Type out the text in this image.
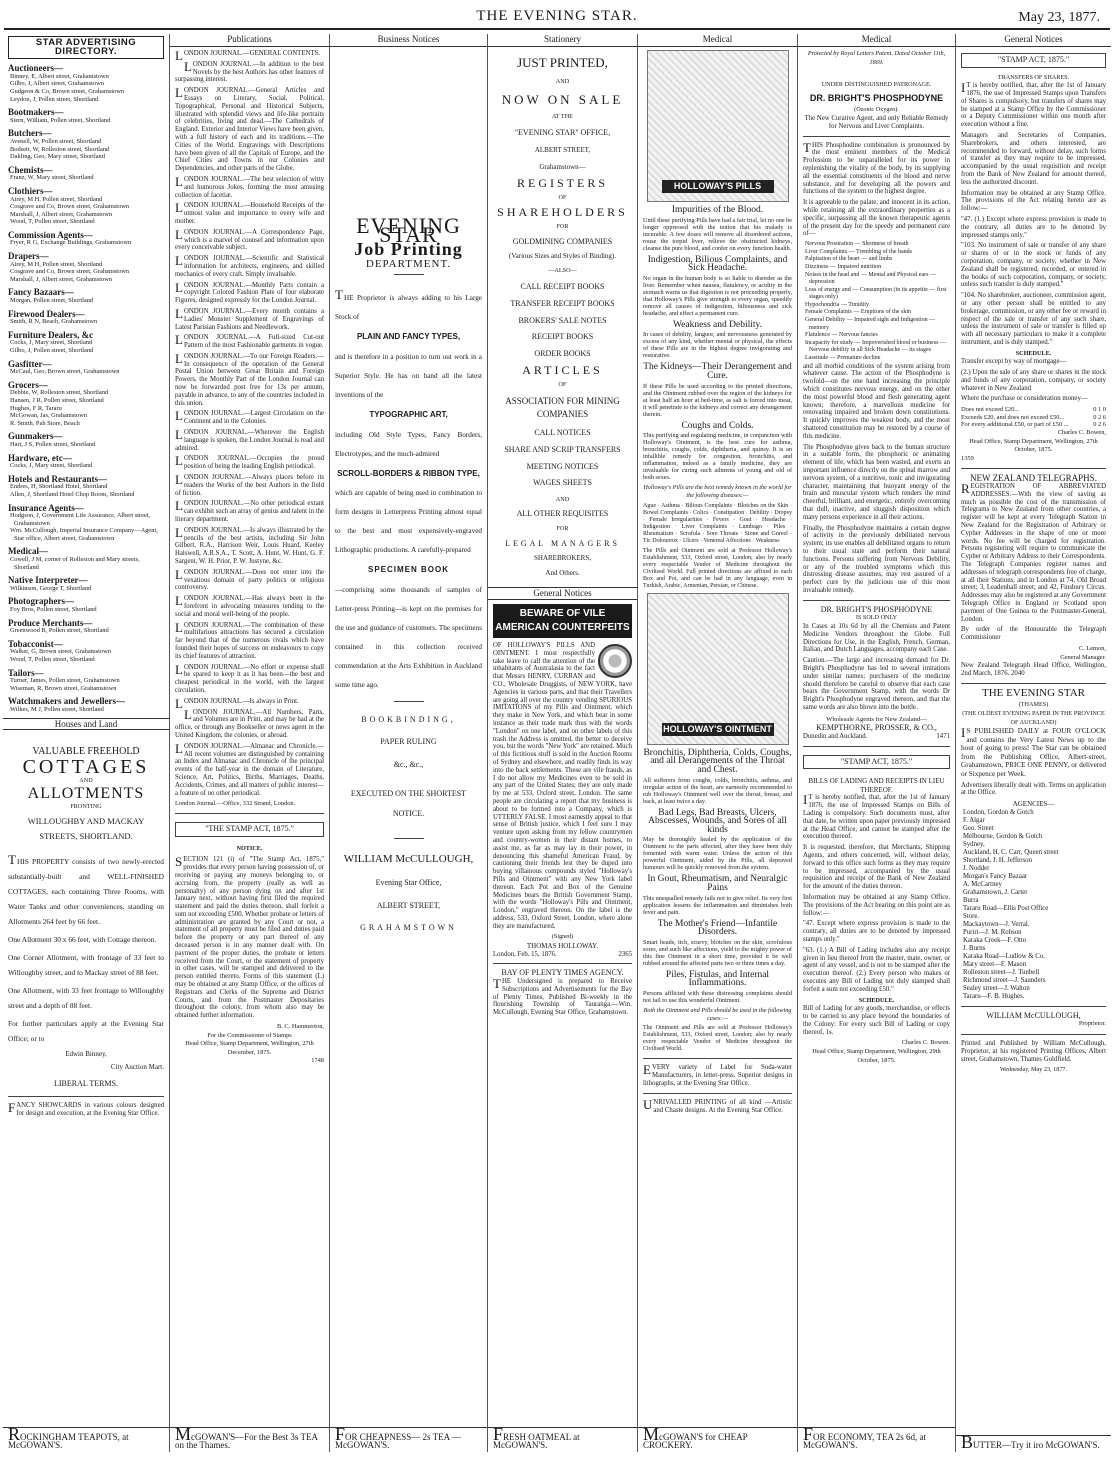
THE EVENING STAR.	May 23, 1877.
STAR ADVERTISING DIRECTORY.
Auctioneers—
Binney, E, Albert street, Grahamstown
Gilbo, J, Albert street, Grahamstown
Gudgeon & Co, Brown street, Grahamstown
Leydon, J, Pollen street, Shortland
Bootmakers—
Stern, William, Pollen street, Shortland
Butchers—
Avenell, W, Pollen street, Shortland
Bodsett, W, Rolleston street, Shortland
Dakling, Geo, Mary street, Shortland
Chemists—
Franz, W, Mary street, Shortland
Clothiers—
Airey, M H, Pollen street, Shortland
Cosgrave and Co, Brown street, Grahamstown
Marshall, J, Albert street, Grahamstown
Wood, T, Pollen street, Shortland
Commission Agents—
Fryer, R G, Exchange Buildings, Grahamstown
Drapers—
Airey, M H, Pollen street, Shortland
Cosgrave and Co, Brown street, Grahamstown
Marshall, J, Albert street, Grahamstown
Fancy Bazaars—
Morgan, Pollen street, Shortland
Firewood Dealers—
Smith, R N, Beach, Grahamstown
Furniture Dealers, &c
Cocks, J, Mary street, Shortland
Gilbo, J, Pollen street, Shortland
Gasfitter—
McCaul, Geo, Brown street, Grahamstown
Grocers—
Debbie, W, Rolleston street, Shortland
Hansen, J R, Pollen street, Shortland
Hughes, F R, Tararu
McGowan, Jas, Grahamstown
R. Smith, Pah Store, Beach
Gunmakers—
Hart, J S, Pollen street, Shortland
Hardware, etc—
Cocks, J, Mary street, Shortland
Hotels and Restaurants—
Endres, H, Shortland Hotel, Shortland
Allen, J, Shortland Hotel Chop Room, Shortland
Insurance Agents—
Hodgson, J, Government Life Assurance, Albert street, Grahamstown
Wm. McCullough, Imperial Insurance Company—Agent, Star office, Albert street, Grahamstown
Medical—
Cowell, J M, corner of Rolleston and Mary streets, Shortland
Native Interpreter—
Wilkinson, George T, Shortland
Photographers—
Foy Bros, Pollen street, Shortland
Produce Merchants—
Greenwood B, Pollen street, Shortland
Tobacconist—
Walker, G, Brown street, Grahamstown
Wood, T, Pollen street, Shortland
Tailors—
Turner, James, Pollen street, Grahamstown
Wiseman, R, Brown street, Grahamstown
Watchmakers and Jewellers—
Wilkes, M J, Pollen street, Shortland
Houses and Land
VALUABLE FREEHOLD
COTTAGES
AND
ALLOTMENTS
FRONTING
WILLOUGHBY AND MACKAY
STREETS, SHORTLAND.
THIS PROPERTY consists of two newly-erected substantially-built and WELL-FINISHED COTTAGES, each containing Three Rooms, with Water Tanks and other conveniences, standing on Allotments 264 feet by 66 feet.
One Allotment 30 x 66 feet, with Cottage thereon.
One Corner Allotment, with frontage of 33 feet to Willoughby street, and to Mackay street of 88 feet.
One Allotment, with 33 feet frontage to Willoughby street and a depth of 88 feet.
For further particulars apply at the Evening Star Office; or to
Edwin Binney,
City Auction Mart.
LIBERAL TERMS.
FANCY SHOWCARDS in various colours designed for design and execution, at the Evening Star Office.
ROCKINGHAM TEAPOTS, at McGOWAN'S.
Publications
LONDON JOURNAL.—GENERAL CONTENTS.
LONDON JOURNAL.—In addition to the best Novels by the best Authors has other features of surpassing interest.
LONDON JOURNAL.—General Articles and Essays on Literary, Social, Political, Topographical, Personal and Historical Subjects, illustrated with splendid views and life-like portraits of celebrities, living and dead.—The Cathedrals of England. Exterior and Interior Views have been given, with a full history of each and its traditions.—The Cities of the World. Engravings with Descriptions have been given of all the Capitals of Europe, and the Chief Cities and Towns in our Colonies and Dependencies, and other parts of the Globe.
LONDON JOURNAL.—The best selection of witty and humorous Jokes, forming the most amusing collection of facetiæ.
LONDON JOURNAL.—Household Receipts of the utmost value and importance to every wife and mother.
LONDON JOURNAL.—A Correspondence Page, which is a marvel of counsel and information upon every conceivable subject.
LONDON JOURNAL.—Scientific and Statistical information for architects, engineers, and skilled mechanics of every craft. Simply invaluable.
LONDON JOURNAL.—Monthly Parts contain a copyright Colored Fashion Plate of four elaborate Figures, designed expressly for the London Journal.
LONDON JOURNAL.—Every month contains a Ladies' Monster Supplement of Engravings of Latest Parisian Fashions and Needlework.
LONDON JOURNAL.—A Full-sized Cut-out Pattern of the most Fashionable garments in vogue.
LONDON JOURNAL.—To our Foreign Readers.—In consequence of the operation of the General Postal Union between Great Britain and Foreign Powers, the Monthly Part of the London Journal can now be forwarded post free for 13s per annum, payable in advance, to any of the countries included in this union.
LONDON JOURNAL.—Largest Circulation on the Continent and in the Colonies.
LONDON JOURNAL.—Wherever the English language is spoken, the London Journal is read and admired.
LONDON JOURNAL.—Occupies the proud position of being the leading English periodical.
LONDON JOURNAL.—Always places before its readers the Works of the best Authors in the field of fiction.
LONDON JOURNAL.—No other periodical extant can exhibit such an array of genius and talent in the literary department.
LONDON JOURNAL.—Is always illustrated by the pencils of the best artists, including Sir John Gilbert, R.A., Harrison Weir, Louis Huard, Keeley Halswell, A.R.S.A., T. Scott, A. Hunt, W. Hunt, G. F. Sargent, W. H. Prior, P. W. Justyne, &c.
LONDON JOURNAL.—Does not enter into the vexatious domain of party politics or religious controversy.
LONDON JOURNAL.—Has always been in the forefront in advocating measures tending to the social and moral well-being of the people.
LONDON JOURNAL.—The combination of these multifarious attractions has secured a circulation far beyond that of the numerous rivals which have founded their hopes of success on endeavours to copy its chief features of attraction.
LONDON JOURNAL.—No effort or expense shall be spared to keep it as it has been—the best and cheapest periodical in the world, with the largest circulation.
LONDON JOURNAL.—Is always in Print.
LONDON JOURNAL.—All Numbers, Parts, and Volumes are in Print, and may be had at the office, or through any Bookseller or news agent in the United Kingdom, the colonies, or abroad.
LONDON JOURNAL.—Almanac and Chronicle.—All recent volumes are distinguished by containing an Index and Almanac and Chronicle of the principal events of the half-year in the domain of Literature, Science, Art, Politics, Births, Marriages, Deaths, Accidents, Crimes, and all matters of public interest—a feature of no other periodical.
London Journal.—Office, 332 Strand, London.
"THE STAMP ACT, 1875."
NOTICE.
SECTION 121 (i) of "The Stamp Act, 1875," provides that every person having possession of, or receiving or paying any moneys belonging to, or accruing from, the property (really as well as personalty) of any person dying on and after 1st January next, without having first filed the required statement and paid the duties thereon, shall forfeit a sum not exceeding £500. Whether probate or letters of administration are granted by any Court or not, a statement of all property must be filed and duties paid before the property or any part thereof of any deceased person is in any manner dealt with. On payment of the proper duties, the probate or letters received from the Court, or the statement of property in other cases, will be stamped and delivered to the person entitled thereto. Forms of this statement (L) may be obtained at any Stamp Office, or the offices of Registrars and Clerks of the Supreme and District Courts, and from the Postmaster Depositaries throughout the colony, from whom also may be obtained further information.
B. C. Hammerton,
For the Commissioner of Stamps
Head Office, Stamp Department, Wellington, 27th December, 1875.
1748
McGOWAN'S—For the Best 3s TEA on the Thames.
Business Notices
EVENING STAR
Job Printing
DEPARTMENT.
THE Proprietor is always adding to his Large Stock of
PLAIN AND FANCY TYPES,
and is therefore in a position to turn out work in a Superior Style. He has on hand all the latest inventions of the
TYPOGRAPHIC ART,
including Old Style Types, Fancy Borders, Electrotypes, and the much-admired
SCROLL-BORDERS & RIBBON TYPE,
which are capable of being used in combination to form designs in Letterpress Printing almost equal to the best and most expensively-engraved Lithographic productions. A carefully-prepared
SPECIMEN BOOK
—comprising some thousands of samples of Letter-press Printing—is kept on the premises for the use and guidance of customers. The specimens contained in this collection received commendation at the Arts Exhibition in Auckland some time ago.
BOOKBINDING,
PAPER RULING
&c., &c.,
EXECUTED ON THE SHORTEST NOTICE.
WILLIAM McCULLOUGH,
Evening Star Office,
ALBERT STREET,
GRAHAMSTOWN
FOR CHEAPNESS— 2s TEA — McGOWAN'S.
Stationery
JUST PRINTED,
AND
NOW ON SALE
AT THE
"EVENING STAR" OFFICE,
ALBERT STREET,
Grahamstown—
REGISTERS
OF
SHAREHOLDERS
FOR
GOLDMINING COMPANIES
(Various Sizes and Styles of Binding).
—ALSO—
CALL RECEIPT BOOKS
TRANSFER RECEIPT BOOKS
BROKERS' SALE NOTES
RECEIPT BOOKS
ORDER BOOKS
ARTICLES
OF
ASSOCIATION FOR MINING COMPANIES
CALL NOTICES
SHARE AND SCRIP TRANSFERS
MEETING NOTICES
WAGES SHEETS
AND
ALL OTHER REQUISITES
FOR
LEGAL MANAGERS
SHAREBROKERS,
And Others.
General Notices
BEWARE OF VILE
AMERICAN COUNTERFEITS
OF HOLLOWAY'S PILLS AND OINTMENT. I most respectfully take leave to call the attention of the inhabitants of Australasia to the fact that Messrs HENRY, CURRAN and CO., Wholesale Druggists, of NEW YORK, have Agencies in various parts, and that their Travellers are going all over the country vending SPURIOUS IMITATIONS of my Pills and Ointment, which they make in New York, and which bear in some instance as their trade mark thus with the words "London" on one label, and on other labels of this trash the Address is omitted, the better to deceive you, but the words "New York" are retained. Much of this fictitious stuff is sold in the Auction Rooms of Sydney and elsewhere, and readily finds its way into the back settlements. These are vile frauds, as I do not allow my Medicines even to be sold in any part of the United States; they are only made by me at 533, Oxford street, London. The same people are circulating a report that my business is about to be formed into a Company, which is UTTERLY FALSE. I most earnestly appeal to that sense of British justice, which I feel sure I may venture upon asking from my fellow countrymen and country-women in their distant homes, to assist me, as far as may lay in their power, in denouncing this shameful American Fraud, by cautioning their friends lest they be duped into buying villainous compounds styled "Holloway's Pills and Ointment" with any New York label thereon. Each Pot and Box of the Genuine Medicines bears the British Government Stamp, with the words "Holloway's Pills and Ointment, London," engraved thereon. On the label is the address, 533, Oxford Street, London, where alone they are manufactured.
(Signed)
THOMAS HOLLOWAY.
London, Feb. 15, 1876.	2365
BAY OF PLENTY TIMES AGENCY.
THE Undersigned is prepared to Receive Subscriptions and Advertisements for the Bay of Plenty Times, Published Bi-weekly in the flourishing Township of Tauranga.—Wm. McCullough, Evening Star Office, Grahamstown.
FRESH OATMEAL at McGOWAN'S.
Medical
HOLLOWAY'S PILLS
Impurities of the Blood.
Until these purifying Pills have had a fair trial, let no one be longer oppressed with the notion that his malady is incurable. A few doses will remove all disordered actions, rouse the torpid liver, relieve the obstructed kidneys, cleanse the pure blood, and confer on every function health.
Indigestion, Bilious Complaints, and Sick Headache.
No organ in the human body is so liable to disorder as the liver. Remember when nausea, flatulency, or acidity in the stomach warns us that digestion is not proceeding properly, that Holloway's Pills give strength to every organ, speedily remove all causes of indigestion, biliousness and sick headache, and effect a permanent cure.
Weakness and Debility.
In cases of debility, languor, and nervousness generated by excess of any kind, whether mental or physical, the effects of these Pills are in the highest degree invigorating and restorative.
The Kidneys—Their Derangement and Cure.
If these Pills be used according to the printed directions, and the Ointment rubbed over the region of the kidneys for at least half an hour at bed-time, as salt is forced into meat, it will penetrate to the kidneys and correct any derangement therein.
Coughs and Colds.
This purifying and regulating medicine, in conjunction with Holloway's Ointment, is the best cure for asthma, bronchitis, coughs, colds, diphtheria, and quinsy. It is an infallible remedy for congestion, bronchitis, and inflammation, indeed as a family medicine, they are invaluable for curing such ailments of young and old of both sexes.
Holloway's Pills are the best remedy known in the world for the following diseases:—
Ague · Asthma · Bilious Complaints · Blotches on the Skin · Bowel Complaints · Colics · Constipation · Debility · Dropsy · Female Irregularities · Fevers · Gout · Headache · Indigestion · Liver Complaints · Lumbago · Piles · Rheumatism · Scrofula · Sore Throats · Stone and Gravel · Tic Doloureux · Ulcers · Venereal Affections · Weakness
The Pills and Ointment are sold at Professor Holloway's Establishment, 533, Oxford street, London; also by nearly every respectable Vendor of Medicine throughout the Civilised World. Full printed directions are affixed to each Box and Pot, and can be had in any language, even in Turkish, Arabic, Armenian, Persian, or Chinese.
HOLLOWAY'S OINTMENT
Bronchitis, Diphtheria, Colds, Coughs, and all Derangements of the Throat and Chest.
All sufferers from coughs, colds, bronchitis, asthma, and irregular action of the heart, are earnestly recommended to rub Holloway's Ointment well over the throat, breast, and back, at least twice a day.
Bad Legs, Bad Breasts, Ulcers, Abscesses, Wounds, and Sores of all kinds
May be thoroughly healed by the application of the Ointment to the parts affected, after they have been duly fomented with warm water. Unless the action of this powerful Ointment, aided by the Pills, all depraved humours will be quickly removed from the system.
In Gout, Rheumatism, and Neuralgic Pains
This unequalled remedy fails not to give relief. Its very first application lessens the inflammation and diminishes both fever and pain.
The Mother's Friend—Infantile Disorders.
Smart heads, itch, scurvy, blotches on the skin, scrofulous sores, and such like affections, yield to the mighty power of this fine Ointment in a short time, provided it be well rubbed around the affected parts two or three times a day.
Piles, Fistulas, and Internal Inflammations.
Persons afflicted with these distressing complaints should not fail to use this wonderful Ointment.
Both the Ointment and Pills should be used in the following cases:—
The Ointment and Pills are sold at Professor Holloway's Establishment, 533, Oxford street, London; also by nearly every respectable Vendor of Medicine throughout the Civilised World.
EVERY variety of Label for Soda-water Manufacturers, in letter-press. Superior designs in lithographs, at the Evening Star Office.
UNRIVALLED PRINTING of all kind —Artistic and Chaste designs. At the Evening Star Office.
McGOWAN'S for CHEAP CROCKERY.
Medical
Protected by Royal Letters Patent. Dated October 11th, 1869.
UNDER DISTINGUISHED PATRONAGE.
DR. BRIGHT'S PHOSPHODYNE
(Ozonic Oxygen).
The New Curative Agent, and only Reliable Remedy for Nervous and Liver Complaints.
THIS Phosphodine combination is pronounced by the most eminent members of the Medical Profession to be unparalleled for its power in replenishing the vitality of the body, by its supplying all the essential constituents of the blood and nerve substance, and for developing all the powers and functions of the system to the highest degree.
It is agreeable to the palate, and innocent in its action, while retaining all the extraordinary properties as a specific, surpassing all the known therapeutic agents of the present day for the speedy and permanent cure of—
Nervous Prostration — Shortness of breath
Liver Complaints — Trembling of the hands
Palpitation of the heart — and limbs
Dizziness — Impaired nutrition
Noises in the head and — Mental and Physical ears — depression
Loss of energy and — Consumption (in its appetite — first stages only)
Hypochondria — Timidity
Female Complaints — Eruptions of the skin
General Debility — Impaired sight and Indigestion — memory
Flatulence — Nervous fancies
Incapacity for study — Impoverished blood or business — Nervous debility in all Sick Headache — its stages
Lassitude — Premature decline
and all morbid conditions of the system arising from whatever cause. The action of the Phosphodyne is twofold—on the one hand increasing the principle which constitutes nervous energy, and on the other the most powerful blood and flesh generating agent known; therefore, a marvellous medicine for renovating impaired and broken down constitutions. It quickly improves the weakest body, and the most shattered constitution may be restored by a course of this medicine.
The Phosphodyne gives back to the human structure in a suitable form, the phosphoric or animating element of life, which has been wasted, and exerts an important influence directly on the spinal marrow and nervous system, of a nutritive, tonic and invigorating character, maintaining that buoyant energy of the brain and muscular system which renders the mind cheerful, brilliant, and energetic, entirely overcoming that dull, inactive, and sluggish disposition which many persons experience in all their actions.
Finally, the Phosphodyne maintains a certain degree of activity in the previously debilitated nervous system; its use enables all debilitated organs to return to their usual state and perform their natural functions. Persons suffering from Nervous Debility, or any of the troubled symptoms which this distressing disease assumes, may rest assured of a perfect cure by the judicious use of this most invaluable remedy.
DR. BRIGHT'S PHOSPHODYNE
IS SOLD ONLY
In Cases at 10s 6d by all the Chemists and Patent Medicine Vendors throughout the Globe. Full Directions for Use, in the English, French, German, Italian, and Dutch Languages, accompany each Case.
Caution.—The large and increasing demand for Dr. Bright's Phosphodyne has led to several imitations under similar names; purchasers of the medicine should therefore be careful to observe that each case bears the Government Stamp, with the words Dr Bright's Phosphodyne engraved thereon, and that the same words are also blown into the bottle.
Wholesale Agents for New Zealand—
KEMPTHORNE, PROSSER, & CO.,
Dunedin and Auckland.	1471
"STAMP ACT, 1875."
BILLS OF LADING AND RECEIPTS IN LIEU THEREOF.
IT is hereby notified, that, after the 1st of January 1876, the use of Impressed Stamps on Bills of Lading is compulsory. Such documents must, after that date, be written upon paper previously impressed at the Head Office, and cannot be stamped after the execution thereof.
It is requested, therefore, that Merchants, Shipping Agents, and others concerned, will, without delay, forward to this office such forms as they may require to be impressed, accompanied by the usual requisition and receipt of the Bank of New Zealand for the amount of the duties thereon.
Information may be obtained at any Stamp Office. The provisions of the Act bearing on this point are as follow:—
"47. Except where express provision is made to the contrary, all duties are to be denoted by impressed stamps only."
"63. (1.) A Bill of Lading includes also any receipt given in lieu thereof from the master, mate, owner, or agent of any vessel, and is not to be stamped after the execution thereof. (2.) Every person who makes or executes any Bill of Lading not duly stamped shall forfeit a sum not exceeding £50."
SCHEDULE.
Bill of Lading for any goods, merchandise, or effects to be carried to any place beyond the boundaries of the Colony: For every such Bill of Lading or copy thereof, 1s.
Charles C. Bowen.
Head Office, Stamp Department, Wellington, 29th October, 1875.
FOR ECONOMY, TEA 2s 6d, at McGOWAN'S.
General Notices
"STAMP ACT, 1875."
TRANSFERS OF SHARES.
IT is hereby notified, that, after the 1st of January 1876, the use of Impressed Stamps upon Transfers of Shares is compulsory, but transfers of shares may be stamped at a Stamp Office by the Commissioner or a Deputy Commissioner within one month after execution without a fine.
Managers and Secretaries of Companies, Sharebrokers, and others interested, are recommended to forward, without delay, such forms of transfer as they may require to be impressed, accompanied by the usual requisition and receipt from the Bank of New Zealand for amount thereof, less the authorized discount.
Information may be obtained at any Stamp Office. The provisions of the Act relating hereto are as follow:—
"47. (1.) Except where express provision is made to the contrary, all duties are to be denoted by impressed stamps only."
"103. No instrument of sale or transfer of any share or shares of or in the stock or funds of any corporation, company, or society, whether in New Zealand shall be registered, recorded, or entered in the books of such corporation, company, or society, unless such transfer is duly stamped."
"104. No sharebroker, auctioneer, commission agent, or any other person shall be entitled to any brokerage, commission, or any other fee or reward in respect of the sale or transfer of any such share, unless the instrument of sale or transfer is filled up with all necessary particulars to make it a complete instrument, and is duly stamped."
SCHEDULE.
Transfer except by way of mortgage—
(2.) Upon the sale of any share or shares in the stock and funds of any corporation, company, or society whatever in New Zealand
Where the purchase or consideration money—
Does not exceed £20...	0 1 0
Exceeds £20, and does not exceed £50...	0 2 6
For every additional £50, or part of £50 ...	0 2 6
Charles C. Bowen,
Head Office, Stamp Department, Wellington, 27th October, 1875.
1359
NEW ZEALAND TELEGRAPHS.
REGISTRATION OF ABBREVIATED ADDRESSES.—With the view of saving as much as possible the cost of the transmission of Telegrams to New Zealand from other countries, a register will be kept at every Telegraph Station in New Zealand for the Registration of Arbitrary or Cypher Addresses in the shape of one or more words. No fee will be charged for registration. Persons registering will require to communicate the Cypher or Arbitrary Address to their Correspondents. The Telegraph Companies register names and addresses of telegraph correspondents free of charge, at all their Stations, and in London at 74, Old Broad street; 3, Leadenhall street; and 42, Finsbury Circus. Addresses may also be registered at any Government Telegraph Office in England or Scotland upon payment of One Guinea to the Postmaster-General, London.
By order of the Honourable the Telegraph Commissioner
C. Lemon,
General Manager.
New Zealand Telegraph Head Office, Wellington, 2nd March, 1876. 2040
THE EVENING STAR
(THAMES)
(THE OLDEST EVENING PAPER IN THE PROVINCE OF AUCKLAND)
IS PUBLISHED DAILY at FOUR O'CLOCK and contains the Very Latest News up to the hour of going to press! The Star can be obtained from the Publishing Office, Albert-street, Grahamstown, PRICE ONE PENNY, or delivered or Sixpence per Week.
Advertisers liberally dealt with. Terms on application at the Office.
AGENCIES—
London, Gordon & Gotch
F. Algar
Geo. Street
Melbourne, Gordon & Gotch
Sydney,
Auckland, H. C. Carr, Queen street
Shortland, J. H. Jefferson
J. Nodder
Morgan's Fancy Bazaar
A. McCartney
Grahamstown, J. Carter
Burra
Tararu Road—Ellis Post Office
Store.
Mackaytown—J. Verral.
Puriri—J. M. Robson
Karaka Creek—F. Otto
J. Burns
Karaka Road—Ludlow & Co.
Mary street—F. Mason
Rolleston street—J. Tunbell
Richmond street—J. Saunders
Sealey street—J. Walton
Tararu—F. B. Hughes.
WILLIAM McCULLOUGH,
Proprietor.
Printed and Published by William McCullough, Proprietor, at his registered Printing Offices, Albert street, Grahamstown, Thames Goldfield.
Wednesday, May 23, 1877.
BUTTER—Try it iro McGOWAN'S.
